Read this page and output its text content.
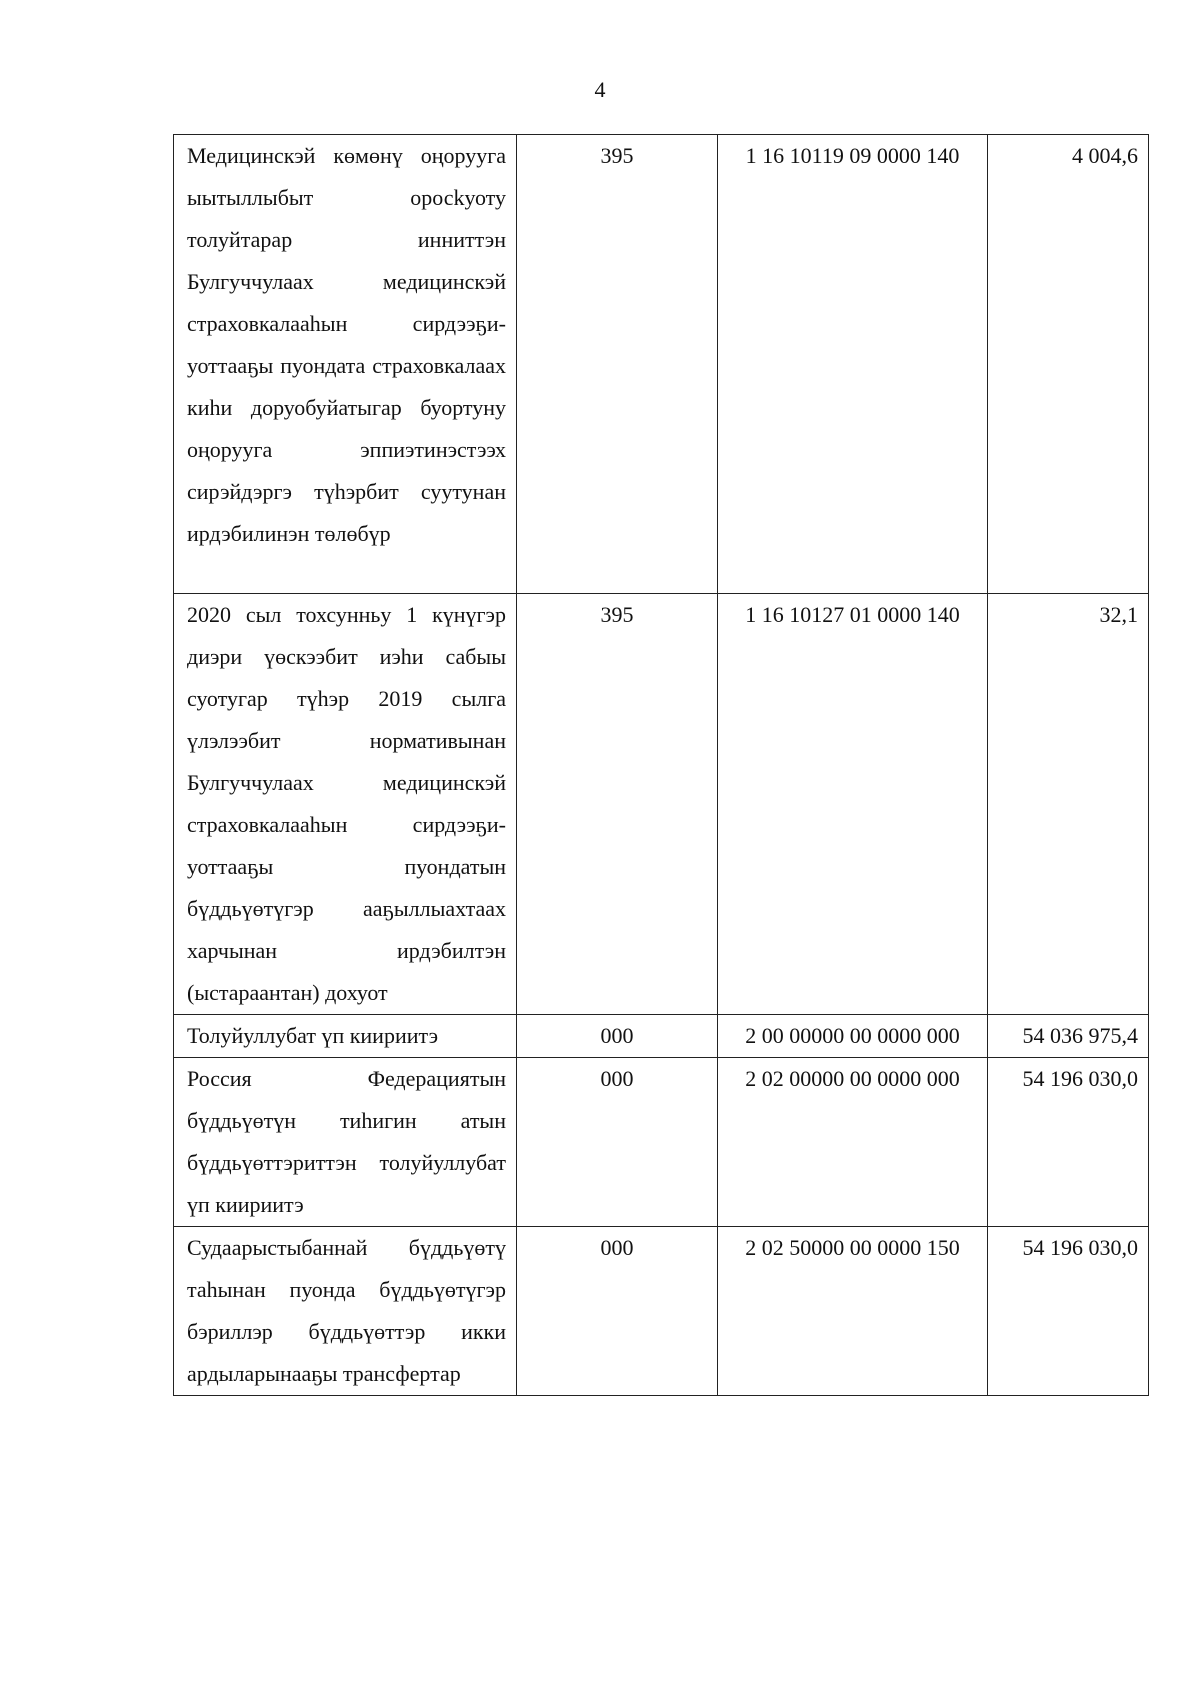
4
Медицинскэй көмөнү оңорууга ыытыллыбыт оросkуоту толуйтарар инниттэн Булгуччулаах медицинскэй страховкалааһын сирдээҕи-уоттааҕы пуондата страховкалаах киһи доруобуйатыгар буортуну оңорууга эппиэтинэстээх сирэйдэргэ түһэрбит суутунан ирдэбилинэн төлөбүр	395	1 16 10119 09 0000 140	4 004,6

2020 сыл тохсунньу 1 күнүгэр диэри үөскээбит иэһи сабыы суотугар түһэр 2019 сылга үлэлээбит нормативынан Булгуччулаах медицинскэй страховкалааһын сирдээҕи-уоттааҕы пуондатын бүддьүөтүгэр ааҕыллыахтаах харчынан ирдэбилтэн (ыстараантан) дохуот	395	1 16 10127 01 0000 140	32,1

Толуйуллубат үп киириитэ	000	2 00 00000 00 0000 000	54 036 975,4

Россия Федерациятын бүддьүөтүн тиһигин атын бүддьүөттэриттэн толуйуллубат үп киириитэ	000	2 02 00000 00 0000 000	54 196 030,0

Судаарыстыбаннай бүддьүөтү таһынан пуонда бүддьүөтүгэр бэриллэр бүддьүөттэр икки ардыларынааҕы трансфертар	000	2 02 50000 00 0000 150	54 196 030,0
